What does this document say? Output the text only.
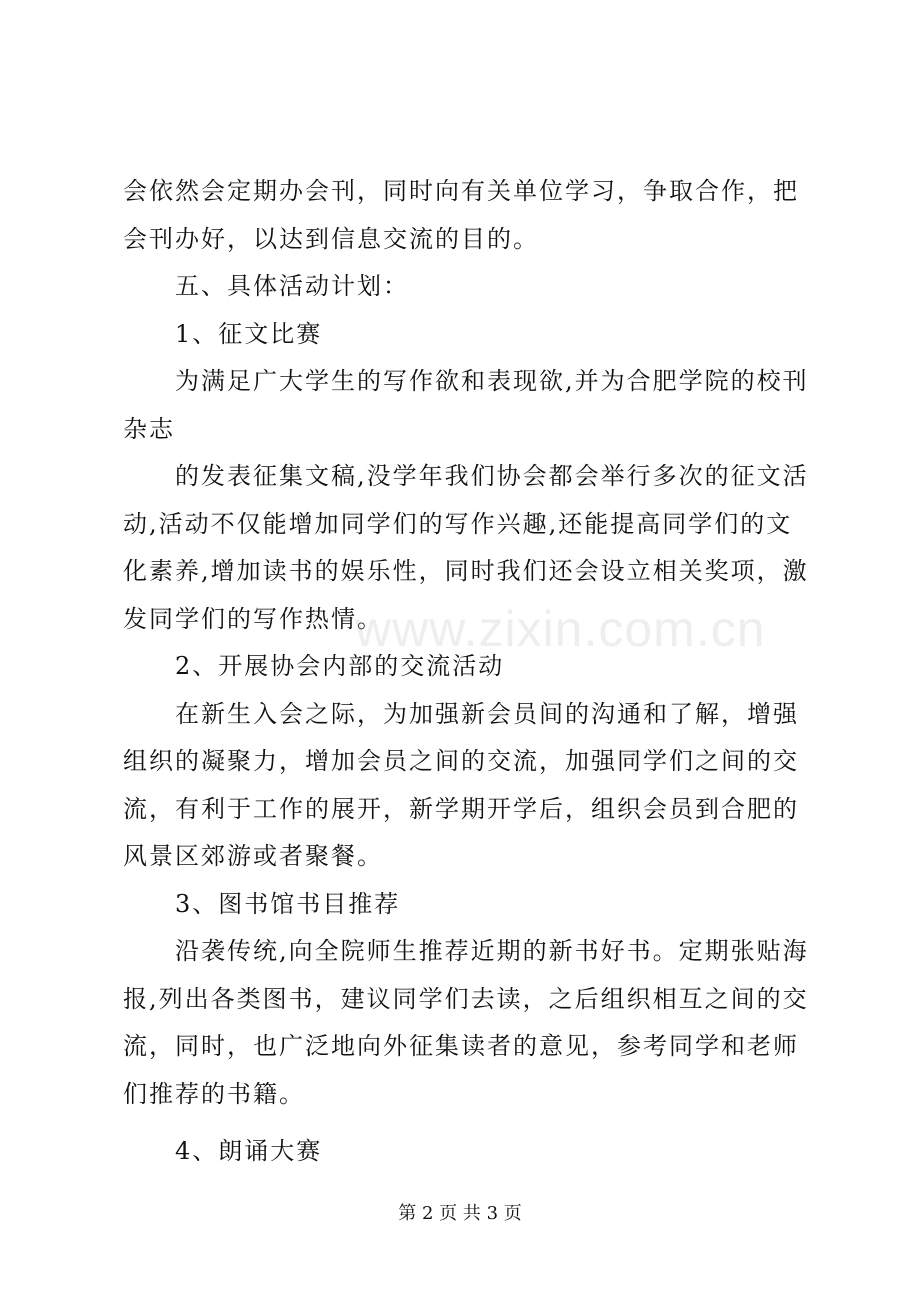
会依然会定期办会刊，同时向有关单位学习，争取合作，把会刊办好，以达到信息交流的目的。

五、具体活动计划：

1、征文比赛

为满足广大学生的写作欲和表现欲,并为合肥学院的校刊杂志

的发表征集文稿,没学年我们协会都会举行多次的征文活动,活动不仅能增加同学们的写作兴趣,还能提高同学们的文化素养,增加读书的娱乐性，同时我们还会设立相关奖项，激发同学们的写作热情。

2、开展协会内部的交流活动

在新生入会之际，为加强新会员间的沟通和了解，增强组织的凝聚力，增加会员之间的交流，加强同学们之间的交流，有利于工作的展开，新学期开学后，组织会员到合肥的风景区郊游或者聚餐。

3、图书馆书目推荐

沿袭传统,向全院师生推荐近期的新书好书。定期张贴海报,列出各类图书，建议同学们去读，之后组织相互之间的交流，同时，也广泛地向外征集读者的意见，参考同学和老师们推荐的书籍。

4、朗诵大赛

www.zixin.com.cn
第 2 页 共 3 页
